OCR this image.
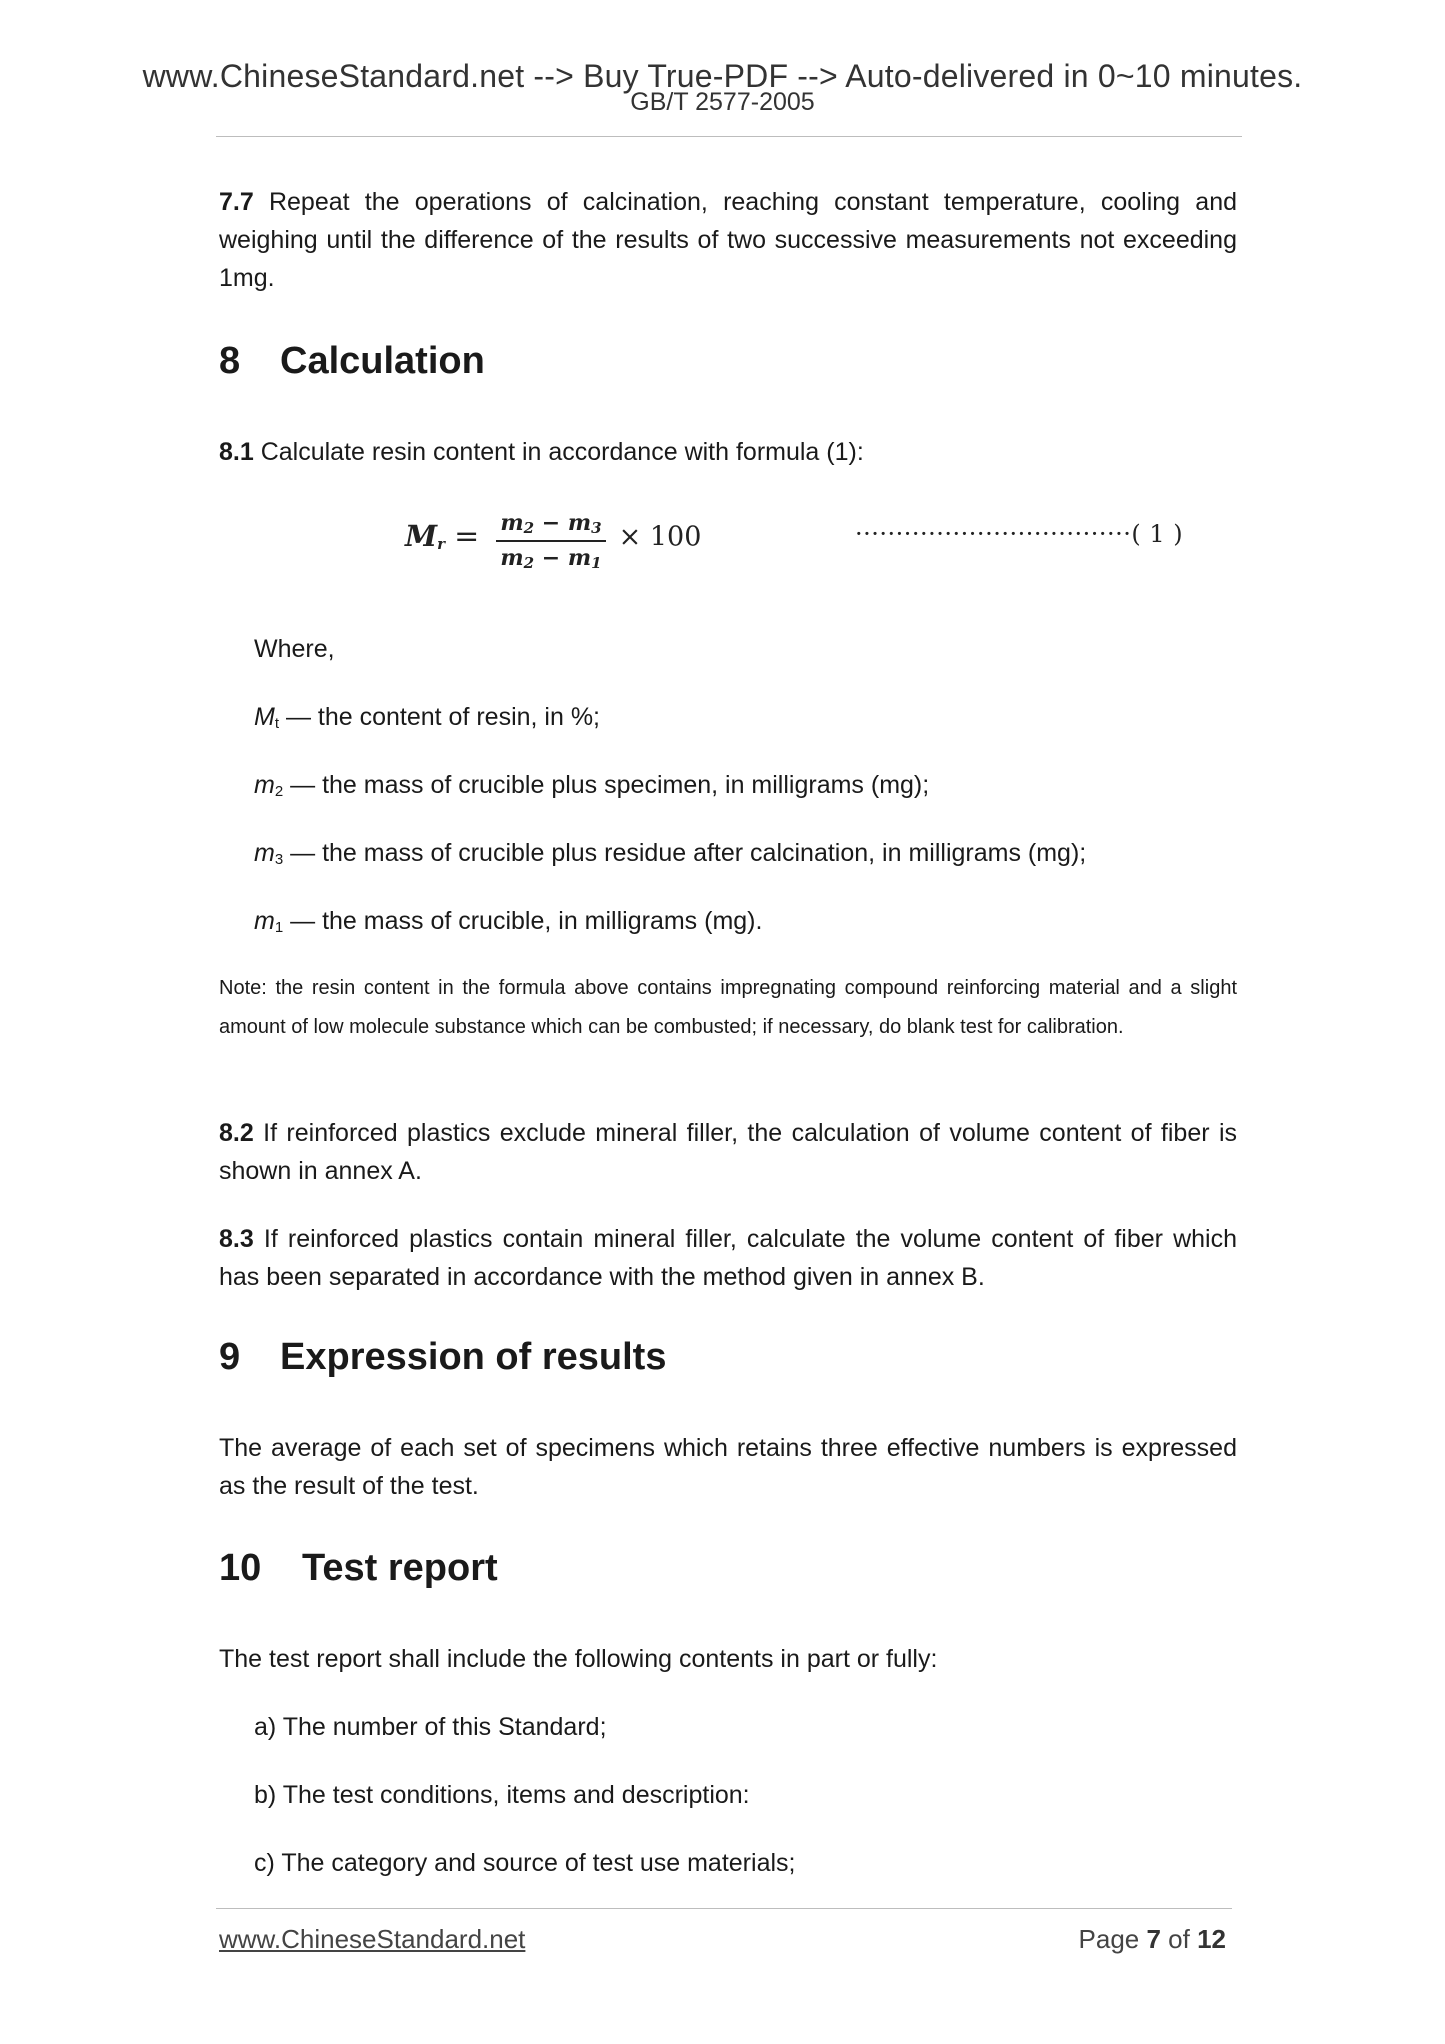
www.ChineseStandard.net --> Buy True-PDF --> Auto-delivered in 0~10 minutes.
GB/T 2577-2005

7.7 Repeat the operations of calcination, reaching constant temperature, cooling and weighing until the difference of the results of two successive measurements not exceeding 1mg.

8 Calculation

8.1 Calculate resin content in accordance with formula (1):

Where,

$M_t$ — the content of resin, in %;

$m_2$ — the mass of crucible plus specimen, in milligrams (mg);

$m_3$ — the mass of crucible plus residue after calcination, in milligrams (mg);

$m_1$ — the mass of crucible, in milligrams (mg).

Note: the resin content in the formula above contains impregnating compound reinforcing material and a slight amount of low molecule substance which can be combusted; if necessary, do blank test for calibration.

8.2 If reinforced plastics exclude mineral filler, the calculation of volume content of fiber is shown in annex A.

8.3 If reinforced plastics contain mineral filler, calculate the volume content of fiber which has been separated in accordance with the method given in annex B.

9 Expression of results

The average of each set of specimens which retains three effective numbers is expressed as the result of the test.

10 Test report

The test report shall include the following contents in part or fully:

a) The number of this Standard;

b) The test conditions, items and description:

c) The category and source of test use materials;

$M_r = \frac{m_2 - m_3}{m_2 - m_1} \times 100$	··································( 1 )
www.ChineseStandard.net	Page 7 of 12
